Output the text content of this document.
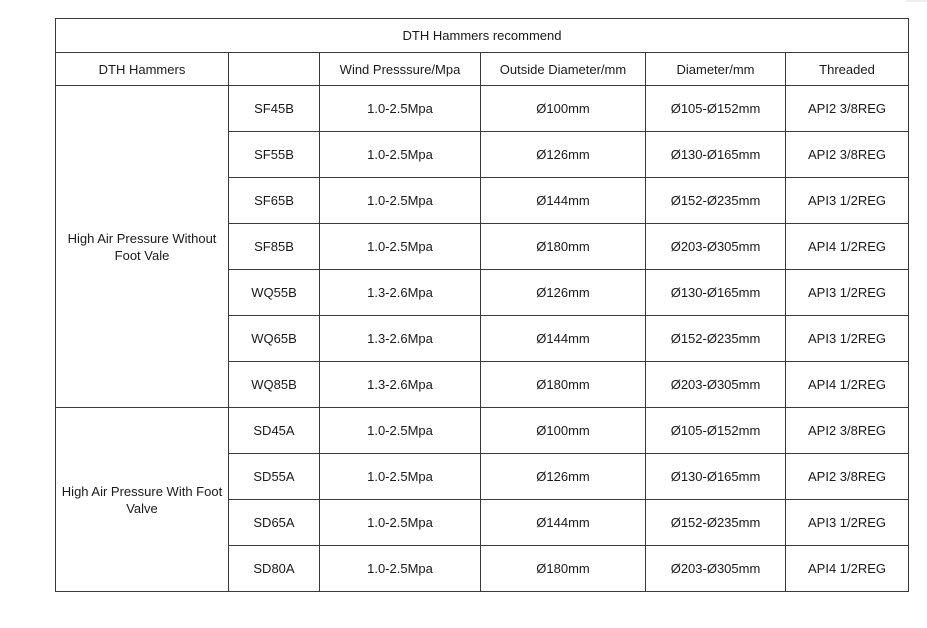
DTH Hammers recommend					
DTH Hammers		Wind Presssure/Mpa	Outside Diameter/mm	Diameter/mm	Threaded
High Air Pressure Without Foot Vale	SF45B	1.0-2.5Mpa	Ø100mm	Ø105-Ø152mm	API2 3/8REG
	SF55B	1.0-2.5Mpa	Ø126mm	Ø130-Ø165mm	API2 3/8REG
	SF65B	1.0-2.5Mpa	Ø144mm	Ø152-Ø235mm	API3 1/2REG
	SF85B	1.0-2.5Mpa	Ø180mm	Ø203-Ø305mm	API4 1/2REG
	WQ55B	1.3-2.6Mpa	Ø126mm	Ø130-Ø165mm	API3 1/2REG
	WQ65B	1.3-2.6Mpa	Ø144mm	Ø152-Ø235mm	API3 1/2REG
	WQ85B	1.3-2.6Mpa	Ø180mm	Ø203-Ø305mm	API4 1/2REG
High Air Pressure With Foot Valve	SD45A	1.0-2.5Mpa	Ø100mm	Ø105-Ø152mm	API2 3/8REG
	SD55A	1.0-2.5Mpa	Ø126mm	Ø130-Ø165mm	API2 3/8REG
	SD65A	1.0-2.5Mpa	Ø144mm	Ø152-Ø235mm	API3 1/2REG
	SD80A	1.0-2.5Mpa	Ø180mm	Ø203-Ø305mm	API4 1/2REG
